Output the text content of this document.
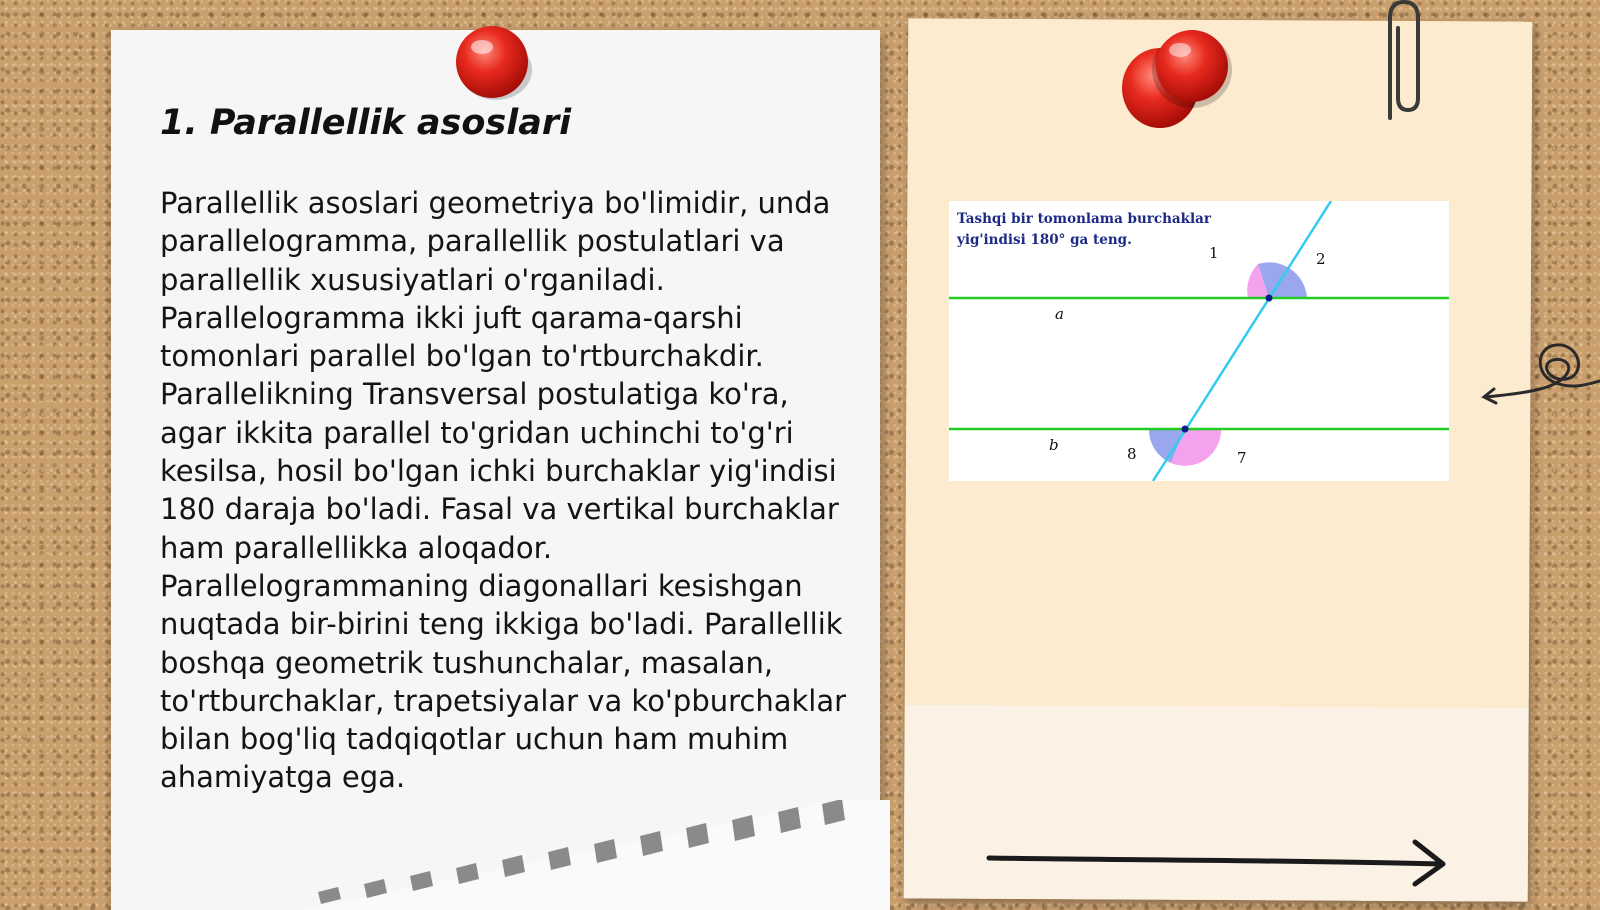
1. Parallellik asoslari

Parallellik asoslari geometriya bo'limidir, unda parallelogramma, parallellik postulatlari va parallellik xususiyatlari o'rganiladi. Parallelogramma ikki juft qarama-qarshi tomonlari parallel bo'lgan to'rtburchakdir. Parallelikning Transversal postulatiga ko'ra, agar ikkita parallel to'gridan uchinchi to'g'ri kesilsa, hosil bo'lgan ichki burchaklar yig'indisi 180 daraja bo'ladi. Fasal va vertikal burchaklar ham parallellikka aloqador. Parallelogrammaning diagonallari kesishgan nuqtada bir-birini teng ikkiga bo'ladi. Parallellik boshqa geometrik tushunchalar, masalan, to'rtburchaklar, trapetsiyalar va ko'pburchaklar bilan bog'liq tadqiqotlar uchun ham muhim ahamiyatga ega.

Tashqi bir tomonlama burchaklar
yig'indisi 180° ga teng.

a
b
1	2
8	7
